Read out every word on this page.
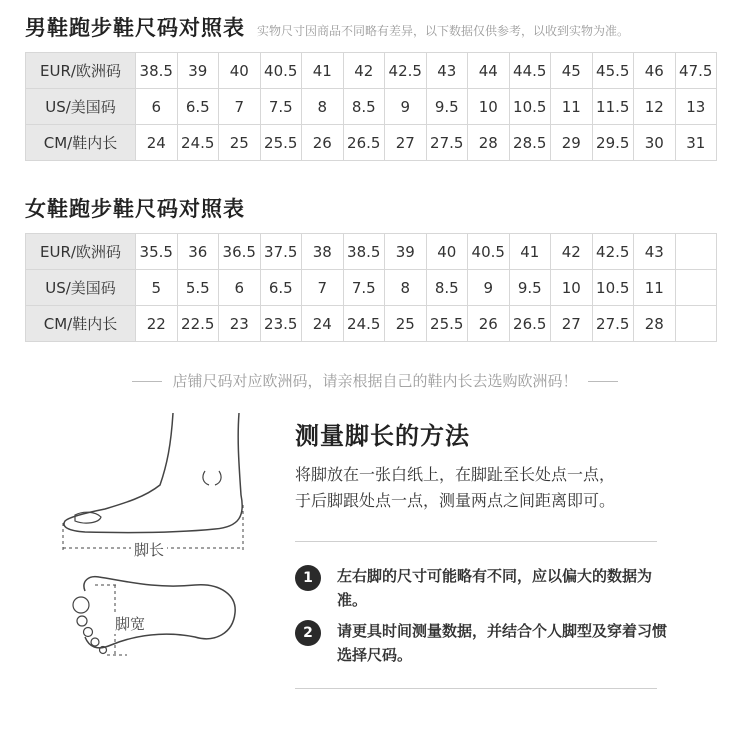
男鞋跑步鞋尺码对照表 实物尺寸因商品不同略有差异，以下数据仅供参考，以收到实物为准。
EUR/欧洲码	38.5	39	40	40.5	41	42	42.5	43	44	44.5	45	45.5	46	47.5
US/美国码	6	6.5	7	7.5	8	8.5	9	9.5	10	10.5	11	11.5	12	13
CM/鞋内长	24	24.5	25	25.5	26	26.5	27	27.5	28	28.5	29	29.5	30	31
女鞋跑步鞋尺码对照表
EUR/欧洲码	35.5	36	36.5	37.5	38	38.5	39	40	40.5	41	42	42.5	43	
US/美国码	5	5.5	6	6.5	7	7.5	8	8.5	9	9.5	10	10.5	11	
CM/鞋内长	22	22.5	23	23.5	24	24.5	25	25.5	26	26.5	27	27.5	28	
店铺尺码对应欧洲码，请亲根据自己的鞋内长去选购欧洲码！
脚长
脚宽
测量脚长的方法
将脚放在一张白纸上，在脚趾至长处点一点，
于后脚跟处点一点，测量两点之间距离即可。
1	左右脚的尺寸可能略有不同，应以偏大的数据为准。
2	请更具时间测量数据，并结合个人脚型及穿着习惯选择尺码。
